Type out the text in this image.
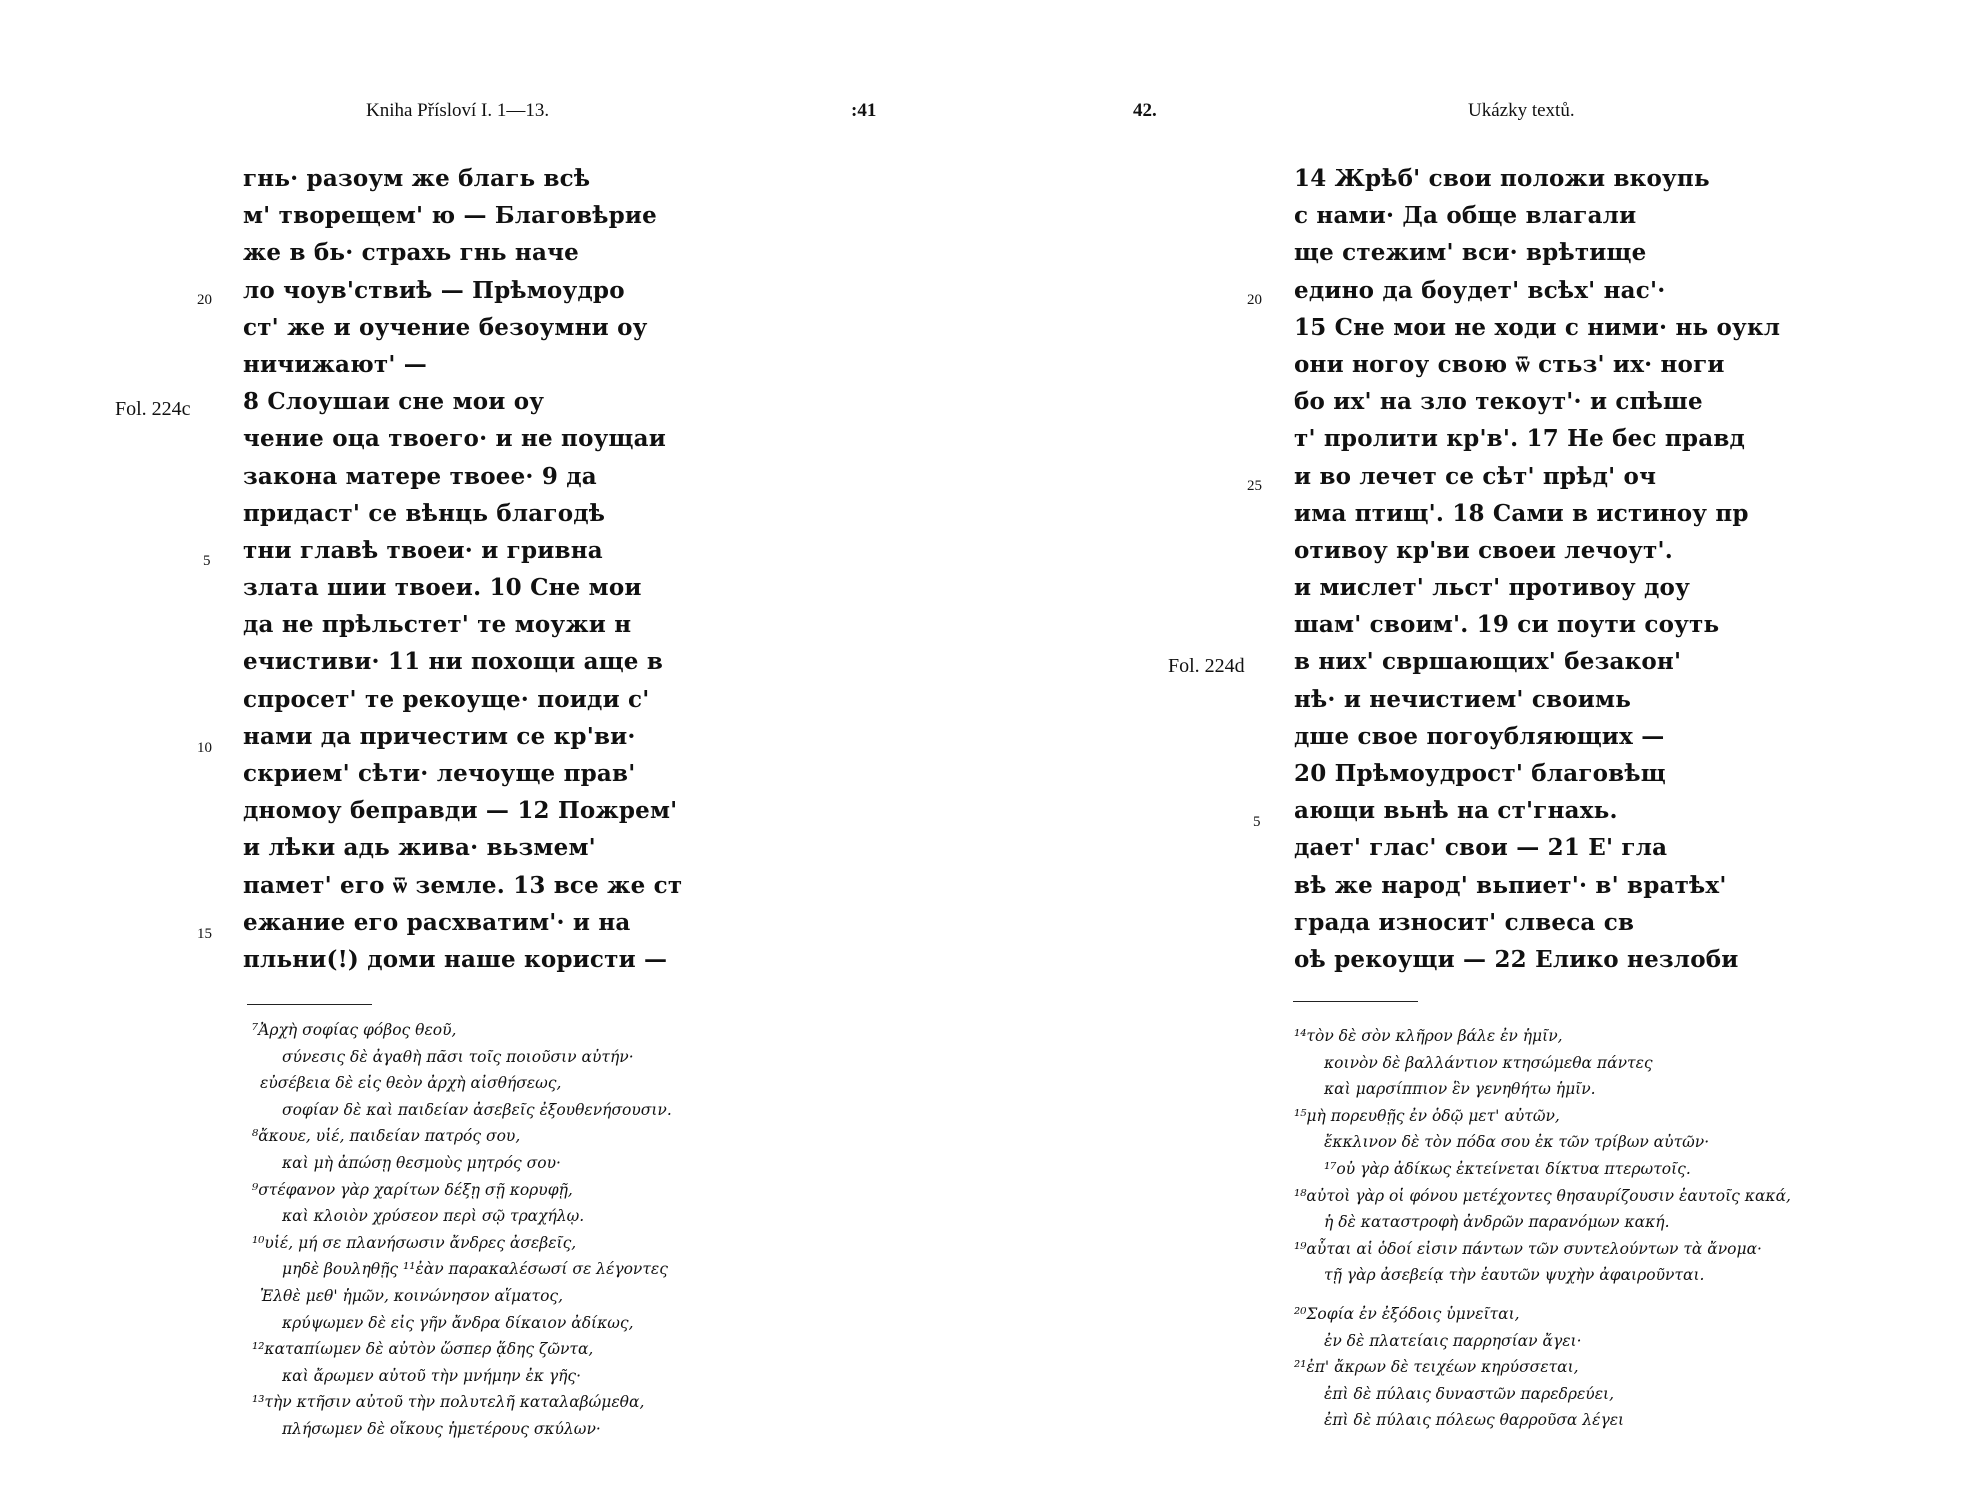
Kniha Přísloví I. 1—13.	:41
20
Fol. 224c
5
10
15
гнь· разоум же благь всѣ
м' творещем' ю — Благовѣрие
же в бь· страхь гнь наче
ло чоув'ствиѣ — Прѣмоудро
ст' же и оучение безоумни оу
ничижают' —
8 Слоушаи сне мои оу
чение оца твоего· и не поущаи
закона матере твоее· 9 да
придаст' се вѣнць благодѣ
тни главѣ твоеи· и гривна
злата шии твоеи. 10 Сне мои
да не прѣльстет' те моужи н
ечистиви· 11 ни похощи аще в
спросет' те рекоуще· поиди с'
нами да причестим се кр'ви·
скрием' сѣти· лечоуще прав'
дномоу беправди — 12 Пожрем'
и лѣки адь жива· вьзмем'
памет' его ѿ земле. 13 все же ст
ежание его расхватим'· и на
пльни(!) доми наше користи —
⁷Ἀρχὴ σοφίας φόβος θεοῦ,
σύνεσις δὲ ἀγαθὴ πᾶσι τοῖς ποιοῦσιν αὐτήν·
εὐσέβεια δὲ εἰς θεὸν ἀρχὴ αἰσθήσεως,
σοφίαν δὲ καὶ παιδείαν ἀσεβεῖς ἐξουθενήσουσιν.
⁸ἄκουε, υἱέ, παιδείαν πατρός σου,
καὶ μὴ ἀπώσῃ θεσμοὺς μητρός σου·
⁹στέφανον γὰρ χαρίτων δέξῃ σῇ κορυφῇ,
καὶ κλοιὸν χρύσεον περὶ σῷ τραχήλῳ.
¹⁰υἱέ, μή σε πλανήσωσιν ἄνδρες ἀσεβεῖς,
μηδὲ βουληθῇς ¹¹ἐὰν παρακαλέσωσί σε λέγοντες
Ἐλθὲ μεθ' ἡμῶν, κοινώνησον αἵματος,
κρύψωμεν δὲ εἰς γῆν ἄνδρα δίκαιον ἀδίκως,
¹²καταπίωμεν δὲ αὐτὸν ὥσπερ ᾅδης ζῶντα,
καὶ ἄρωμεν αὐτοῦ τὴν μνήμην ἐκ γῆς·
¹³τὴν κτῆσιν αὐτοῦ τὴν πολυτελῆ καταλαβώμεθα,
πλήσωμεν δὲ οἴκους ἡμετέρους σκύλων·
42.	Ukázky textů.
20
25
Fol. 224d
5
14 Жрѣб' свои положи вкоупь
с нами· Да обще влагали
ще стежим' вси· врѣтище
едино да боудет' всѣх' нас'·
15 Сне мои не ходи с ними· нь оукл
они ногоу свою ѿ стьз' их· ноги
бо их' на зло текоут'· и спѣше
т' пролити кр'в'. 17 Не бес правд
и во лечет се сѣт' прѣд' оч
има птищ'. 18 Сами в истиноу пр
отивоу кр'ви своеи лечоут'.
и мислет' льст' противоу доу
шам' своим'. 19 си поути соуть
в них' свршающих' безакон'
нѣ· и нечистием' своимь
дше свое погоубляющих —
20 Прѣмоудрост' благовѣщ
ающи вьнѣ на ст'гнахь.
дает' глас' свои — 21 Е' гла
вѣ же народ' вьпиет'· в' вратѣх'
града износит' слвеса св
оѣ рекоущи — 22 Елико незлоби
¹⁴τὸν δὲ σὸν κλῆρον βάλε ἐν ἡμῖν,
κοινὸν δὲ βαλλάντιον κτησώμεθα πάντες
καὶ μαρσίππιον ἓν γενηθήτω ἡμῖν.
¹⁵μὴ πορευθῇς ἐν ὁδῷ μετ' αὐτῶν,
ἔκκλινον δὲ τὸν πόδα σου ἐκ τῶν τρίβων αὐτῶν·
¹⁷οὐ γὰρ ἀδίκως ἐκτείνεται δίκτυα πτερωτοῖς.
¹⁸αὐτοὶ γὰρ οἱ φόνου μετέχοντες θησαυρίζουσιν ἑαυτοῖς κακά,
ἡ δὲ καταστροφὴ ἀνδρῶν παρανόμων κακή.
¹⁹αὗται αἱ ὁδοί εἰσιν πάντων τῶν συντελούντων τὰ ἄνομα·
τῇ γὰρ ἀσεβείᾳ τὴν ἑαυτῶν ψυχὴν ἀφαιροῦνται.
²⁰Σοφία ἐν ἐξόδοις ὑμνεῖται,
ἐν δὲ πλατείαις παρρησίαν ἄγει·
²¹ἐπ' ἄκρων δὲ τειχέων κηρύσσεται,
ἐπὶ δὲ πύλαις δυναστῶν παρεδρεύει,
ἐπὶ δὲ πύλαις πόλεως θαρροῦσα λέγει
